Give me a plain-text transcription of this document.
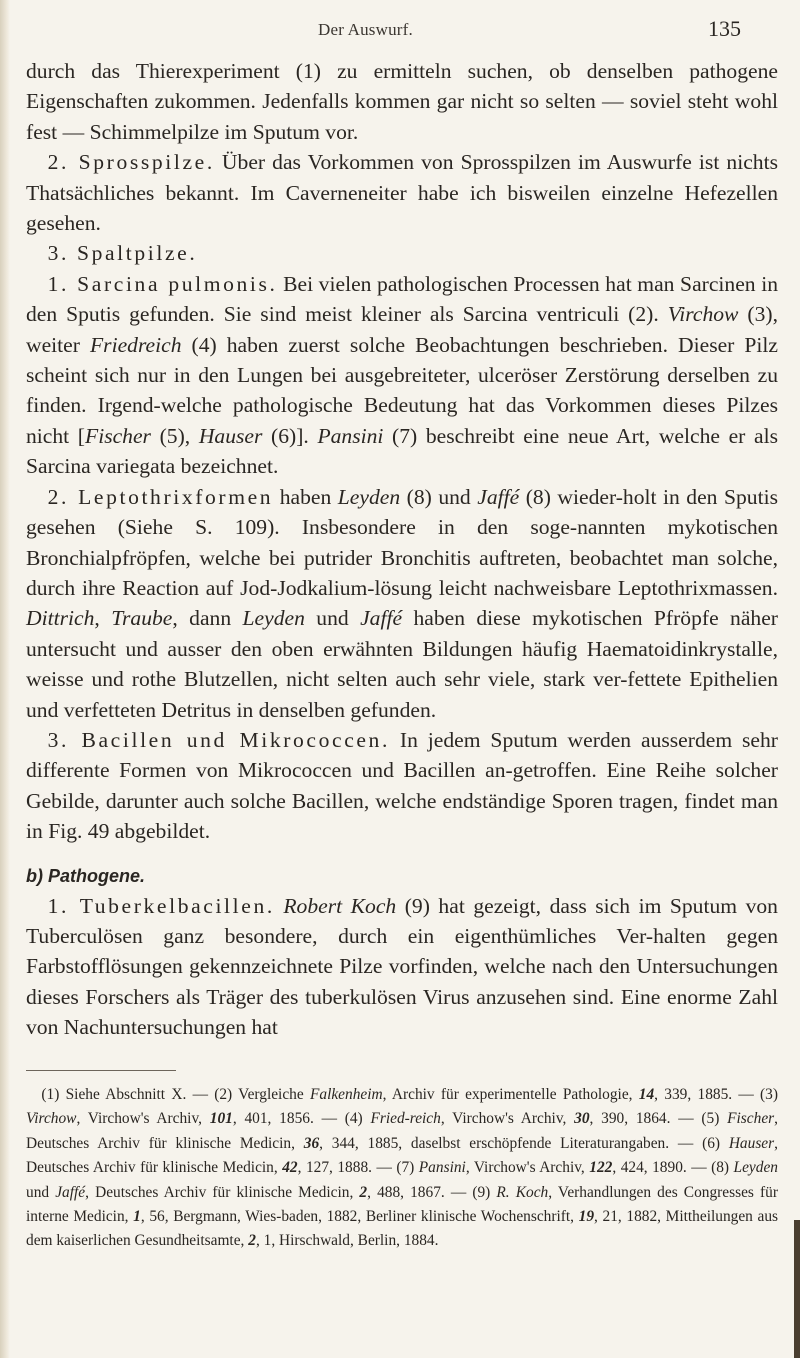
Der Auswurf.	135

durch das Thierexperiment (1) zu ermitteln suchen, ob denselben pathogene Eigenschaften zukommen. Jedenfalls kommen gar nicht so selten — soviel steht wohl fest — Schimmelpilze im Sputum vor.

 2. Sprosspilze. Über das Vorkommen von Sprosspilzen im Auswurfe ist nichts Thatsächliches bekannt. Im Caverneneiter habe ich bisweilen einzelne Hefezellen gesehen.

 3. Spaltpilze.

 1. Sarcina pulmonis. Bei vielen pathologischen Processen hat man Sarcinen in den Sputis gefunden. Sie sind meist kleiner als Sarcina ventriculi (2). Virchow (3), weiter Friedreich (4) haben zuerst solche Beobachtungen beschrieben. Dieser Pilz scheint sich nur in den Lungen bei ausgebreiteter, ulceröser Zerstörung derselben zu finden. Irgend-welche pathologische Bedeutung hat das Vorkommen dieses Pilzes nicht [Fischer (5), Hauser (6)]. Pansini (7) beschreibt eine neue Art, welche er als Sarcina variegata bezeichnet.

 2. Leptothrixformen haben Leyden (8) und Jaffé (8) wieder-holt in den Sputis gesehen (Siehe S. 109). Insbesondere in den soge-nannten mykotischen Bronchialpfröpfen, welche bei putrider Bronchitis auftreten, beobachtet man solche, durch ihre Reaction auf Jod-Jodkalium-lösung leicht nachweisbare Leptothrixmassen. Dittrich, Traube, dann Leyden und Jaffé haben diese mykotischen Pfröpfe näher untersucht und ausser den oben erwähnten Bildungen häufig Haematoidinkrystalle, weisse und rothe Blutzellen, nicht selten auch sehr viele, stark ver-fettete Epithelien und verfetteten Detritus in denselben gefunden.

 3. Bacillen und Mikrococcen. In jedem Sputum werden ausserdem sehr differente Formen von Mikrococcen und Bacillen an-getroffen. Eine Reihe solcher Gebilde, darunter auch solche Bacillen, welche endständige Sporen tragen, findet man in Fig. 49 abgebildet.

b) Pathogene.

 1. Tuberkelbacillen. Robert Koch (9) hat gezeigt, dass sich im Sputum von Tuberculösen ganz besondere, durch ein eigenthümliches Ver-halten gegen Farbstofflösungen gekennzeichnete Pilze vorfinden, welche nach den Untersuchungen dieses Forschers als Träger des tuberkulösen Virus anzusehen sind. Eine enorme Zahl von Nachuntersuchungen hat

 (1) Siehe Abschnitt X. — (2) Vergleiche Falkenheim, Archiv für experimentelle Pathologie, 14, 339, 1885. — (3) Virchow, Virchow's Archiv, 101, 401, 1856. — (4) Fried-reich, Virchow's Archiv, 30, 390, 1864. — (5) Fischer, Deutsches Archiv für klinische Medicin, 36, 344, 1885, daselbst erschöpfende Literaturangaben. — (6) Hauser, Deutsches Archiv für klinische Medicin, 42, 127, 1888. — (7) Pansini, Virchow's Archiv, 122, 424, 1890. — (8) Leyden und Jaffé, Deutsches Archiv für klinische Medicin, 2, 488, 1867. — (9) R. Koch, Verhandlungen des Congresses für interne Medicin, 1, 56, Bergmann, Wies-baden, 1882, Berliner klinische Wochenschrift, 19, 21, 1882, Mittheilungen aus dem kaiserlichen Gesundheitsamte, 2, 1, Hirschwald, Berlin, 1884.
